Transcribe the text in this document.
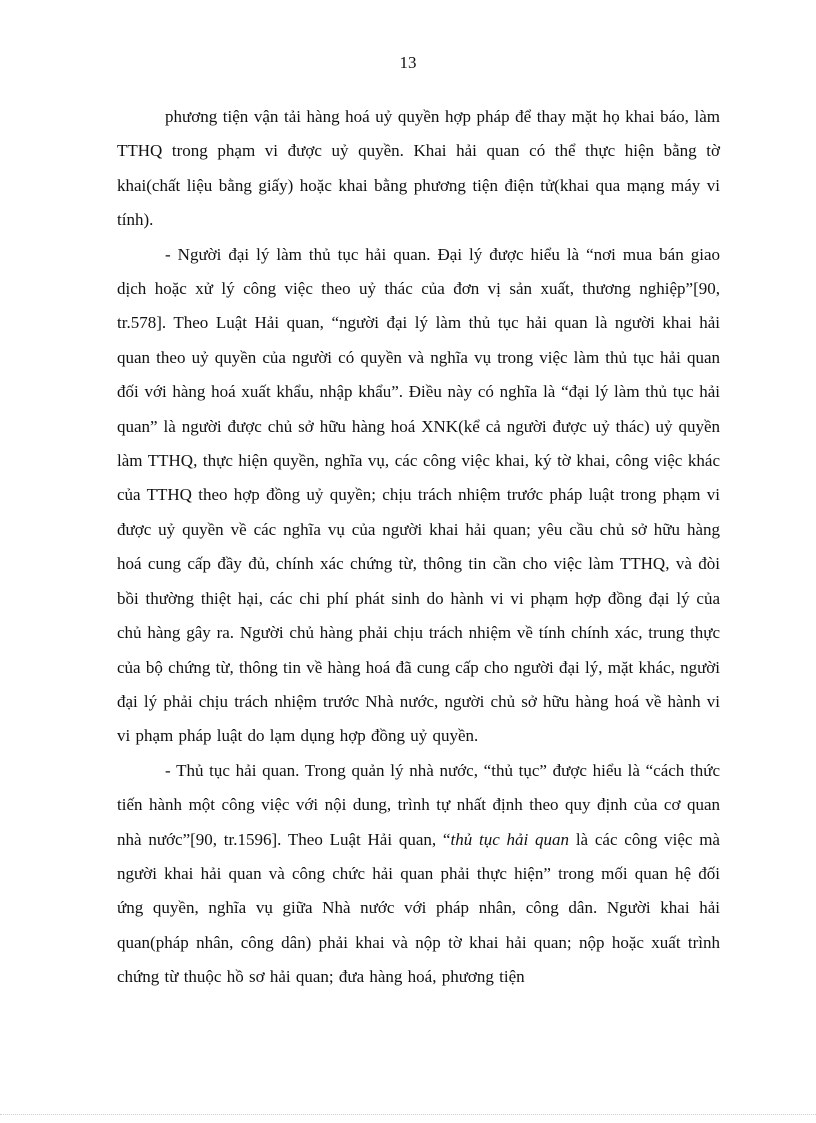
13

phương tiện vận tải hàng hoá uỷ quyền hợp pháp để thay mặt họ khai báo, làm TTHQ trong phạm vi được uỷ quyền. Khai hải quan có thể thực hiện bằng tờ khai(chất liệu bằng giấy) hoặc khai bằng phương tiện điện tử(khai qua mạng máy vi tính).

- Người đại lý làm thủ tục hải quan. Đại lý được hiểu là “nơi mua bán giao dịch hoặc xử lý công việc theo uỷ thác của đơn vị sản xuất, thương nghiệp”[90, tr.578]. Theo Luật Hải quan, “người đại lý làm thủ tục hải quan là người khai hải quan theo uỷ quyền của người có quyền và nghĩa vụ trong việc làm thủ tục hải quan đối với hàng hoá xuất khẩu, nhập khẩu”. Điều này có nghĩa là “đại lý làm thủ tục hải quan” là người được chủ sở hữu hàng hoá XNK(kể cả người được uỷ thác) uỷ quyền làm TTHQ, thực hiện quyền, nghĩa vụ, các công việc khai, ký tờ khai, công việc khác của TTHQ theo hợp đồng uỷ quyền; chịu trách nhiệm trước pháp luật trong phạm vi được uỷ quyền về các nghĩa vụ của người khai hải quan; yêu cầu chủ sở hữu hàng hoá cung cấp đầy đủ, chính xác chứng từ, thông tin cần cho việc làm TTHQ, và đòi bồi thường thiệt hại, các chi phí phát sinh do hành vi vi phạm hợp đồng đại lý của chủ hàng gây ra. Người chủ hàng phải chịu trách nhiệm về tính chính xác, trung thực của bộ chứng từ, thông tin về hàng hoá đã cung cấp cho người đại lý, mặt khác, người đại lý phải chịu trách nhiệm trước Nhà nước, người chủ sở hữu hàng hoá về hành vi vi phạm pháp luật do lạm dụng hợp đồng uỷ quyền.

- Thủ tục hải quan. Trong quản lý nhà nước, “thủ tục” được hiểu là “cách thức tiến hành một công việc với nội dung, trình tự nhất định theo quy định của cơ quan nhà nước”[90, tr.1596]. Theo Luật Hải quan, “thủ tục hải quan là các công việc mà người khai hải quan và công chức hải quan phải thực hiện” trong mối quan hệ đối ứng quyền, nghĩa vụ giữa Nhà nước với pháp nhân, công dân. Người khai hải quan(pháp nhân, công dân) phải khai và nộp tờ khai hải quan; nộp hoặc xuất trình chứng từ thuộc hồ sơ hải quan; đưa hàng hoá, phương tiện
